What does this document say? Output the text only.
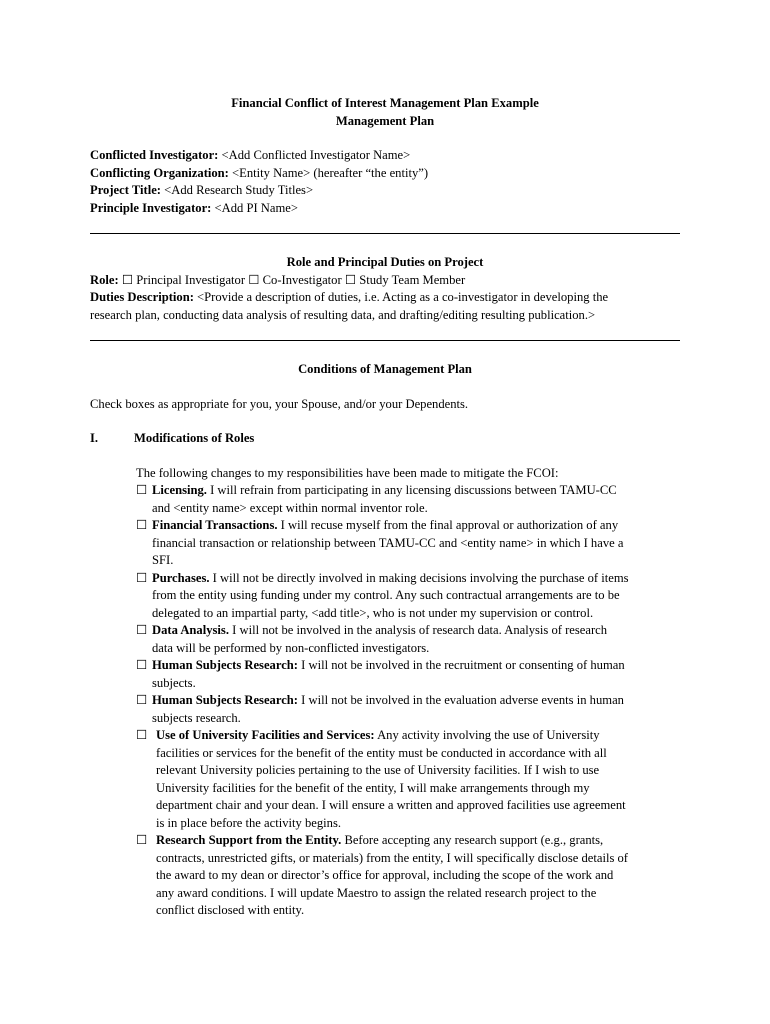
Financial Conflict of Interest Management Plan Example
Management Plan
Conflicted Investigator: <Add Conflicted Investigator Name>
Conflicting Organization: <Entity Name> (hereafter “the entity”)
Project Title: <Add Research Study Titles>
Principle Investigator: <Add PI Name>
Role and Principal Duties on Project
Role: ☐ Principal Investigator ☐ Co-Investigator ☐ Study Team Member
Duties Description: <Provide a description of duties, i.e. Acting as a co-investigator in developing the
research plan, conducting data analysis of resulting data, and drafting/editing resulting publication.>
Conditions of Management Plan
Check boxes as appropriate for you, your Spouse, and/or your Dependents.
I.	Modifications of Roles
The following changes to my responsibilities have been made to mitigate the FCOI:
☐ Licensing. I will refrain from participating in any licensing discussions between TAMU-CC
and <entity name> except within normal inventor role.
☐ Financial Transactions. I will recuse myself from the final approval or authorization of any
financial transaction or relationship between TAMU-CC and <entity name> in which I have a
SFI.
☐ Purchases. I will not be directly involved in making decisions involving the purchase of items
from the entity using funding under my control. Any such contractual arrangements are to be
delegated to an impartial party, <add title>, who is not under my supervision or control.
☐ Data Analysis. I will not be involved in the analysis of research data. Analysis of research
data will be performed by non-conflicted investigators.
☐ Human Subjects Research: I will not be involved in the recruitment or consenting of human
subjects.
☐ Human Subjects Research: I will not be involved in the evaluation adverse events in human
subjects research.
☐ Use of University Facilities and Services: Any activity involving the use of University
facilities or services for the benefit of the entity must be conducted in accordance with all
relevant University policies pertaining to the use of University facilities. If I wish to use
University facilities for the benefit of the entity, I will make arrangements through my
department chair and your dean. I will ensure a written and approved facilities use agreement
is in place before the activity begins.
☐ Research Support from the Entity. Before accepting any research support (e.g., grants,
contracts, unrestricted gifts, or materials) from the entity, I will specifically disclose details of
the award to my dean or director’s office for approval, including the scope of the work and
any award conditions. I will update Maestro to assign the related research project to the
conflict disclosed with entity.
